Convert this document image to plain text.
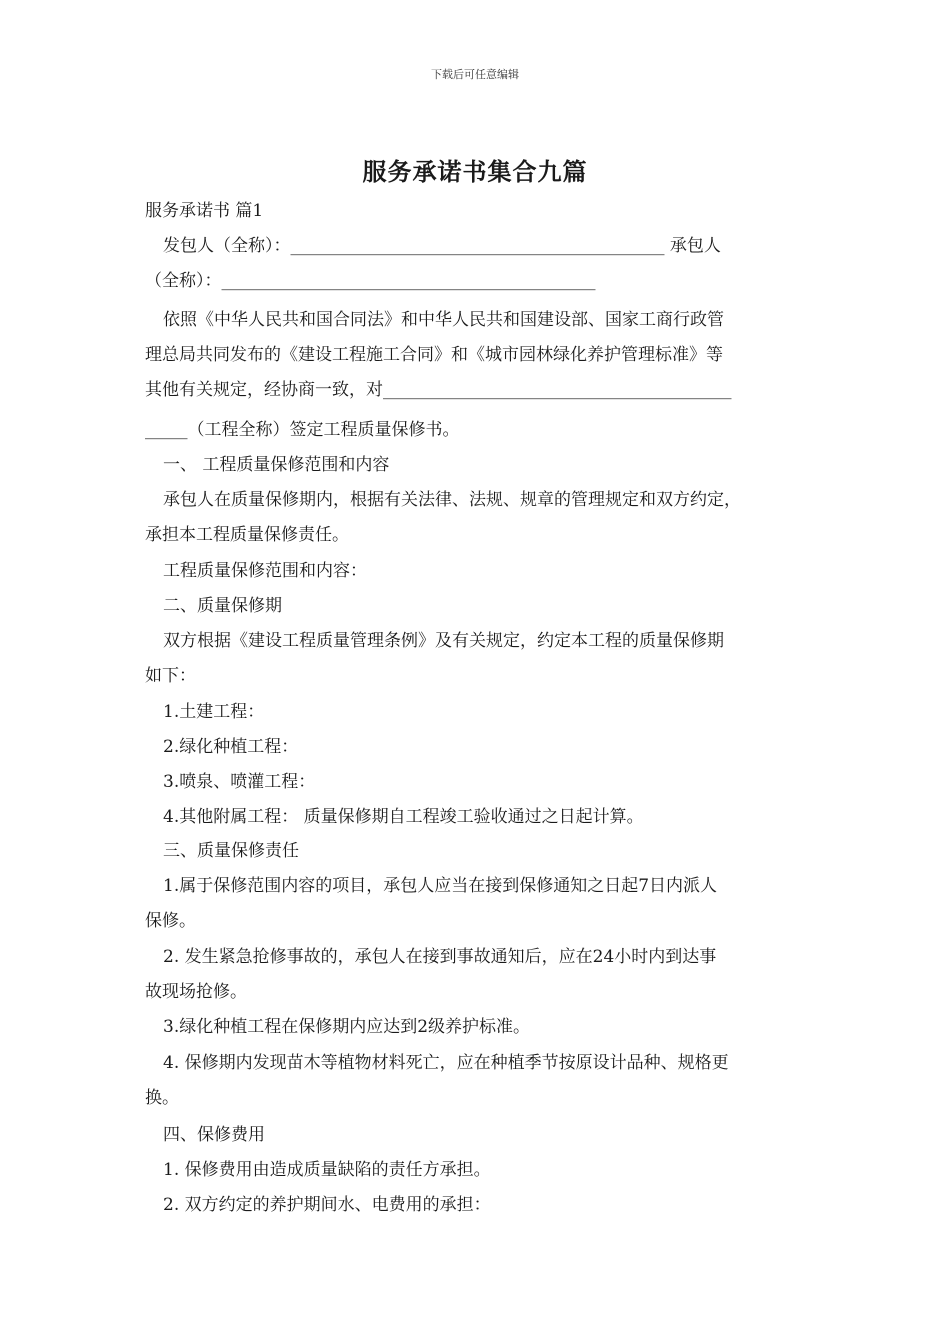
下载后可任意编辑
服务承诺书集合九篇
服务承诺书 篇1
发包人（全称）：____________________________________________ 承包人
（全称）：____________________________________________
依照《中华人民共和国合同法》和中华人民共和国建设部、国家工商行政管
理总局共同发布的《建设工程施工合同》和《城市园林绿化养护管理标准》等
其他有关规定，经协商一致，对_________________________________________
_____（工程全称）签定工程质量保修书。
一、 工程质量保修范围和内容
承包人在质量保修期内，根据有关法律、法规、规章的管理规定和双方约定，
承担本工程质量保修责任。
工程质量保修范围和内容：
二、质量保修期
双方根据《建设工程质量管理条例》及有关规定，约定本工程的质量保修期
如下：
1.土建工程：
2.绿化种植工程：
3.喷泉、喷灌工程：
4.其他附属工程： 质量保修期自工程竣工验收通过之日起计算。
三、质量保修责任
1.属于保修范围内容的项目，承包人应当在接到保修通知之日起7日内派人
保修。
2. 发生紧急抢修事故的，承包人在接到事故通知后，应在24小时内到达事
故现场抢修。
3.绿化种植工程在保修期内应达到2级养护标准。
4. 保修期内发现苗木等植物材料死亡，应在种植季节按原设计品种、规格更
换。
四、保修费用
1. 保修费用由造成质量缺陷的责任方承担。
2. 双方约定的养护期间水、电费用的承担：
